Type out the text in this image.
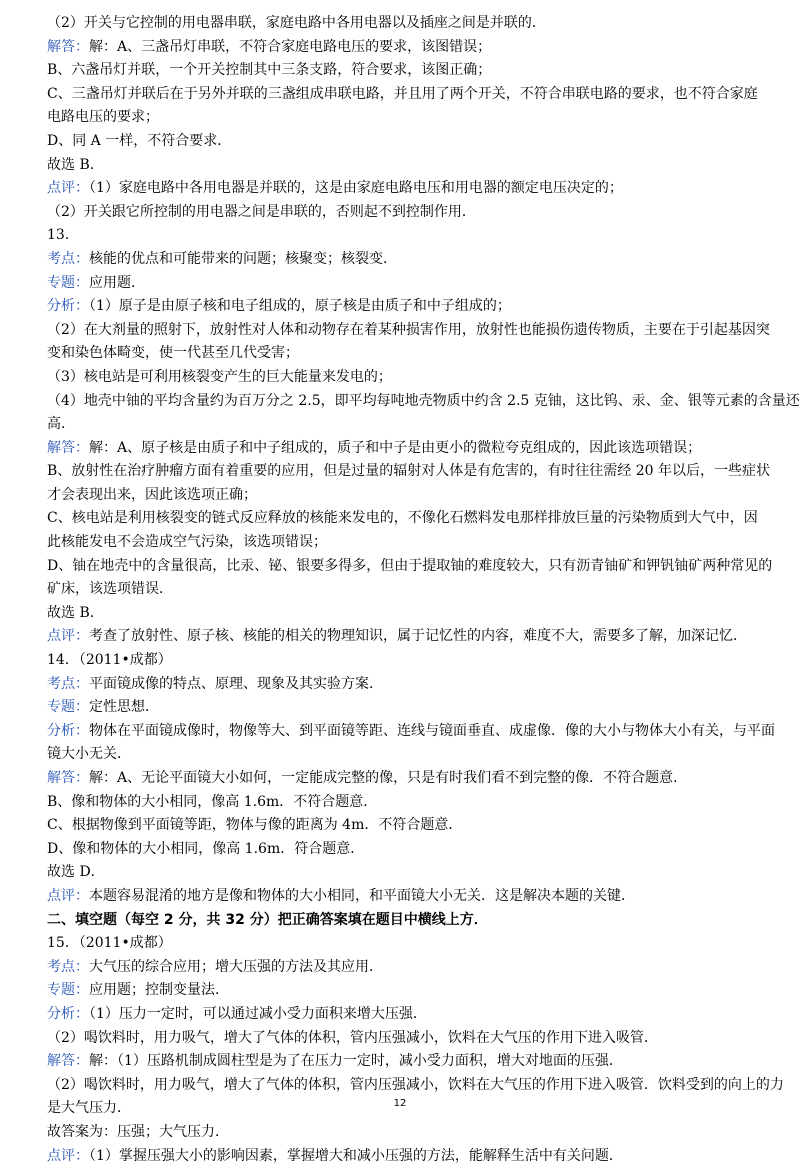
（2）开关与它控制的用电器串联，家庭电路中各用电器以及插座之间是并联的．
解答：解：A、三盏吊灯串联，不符合家庭电路电压的要求，该图错误；
B、六盏吊灯并联，一个开关控制其中三条支路，符合要求，该图正确；
C、三盏吊灯并联后在于另外并联的三盏组成串联电路，并且用了两个开关，不符合串联电路的要求，也不符合家庭
电路电压的要求；
D、同 A 一样，不符合要求．
故选 B．
点评：（1）家庭电路中各用电器是并联的，这是由家庭电路电压和用电器的额定电压决定的；
（2）开关跟它所控制的用电器之间是串联的，否则起不到控制作用．
13．
考点：核能的优点和可能带来的问题；核聚变；核裂变．
专题：应用题．
分析：（1）原子是由原子核和电子组成的，原子核是由质子和中子组成的；
（2）在大剂量的照射下，放射性对人体和动物存在着某种损害作用，放射性也能损伤遗传物质，主要在于引起基因突
变和染色体畸变，使一代甚至几代受害；
（3）核电站是可利用核裂变产生的巨大能量来发电的；
（4）地壳中铀的平均含量约为百万分之 2.5，即平均每吨地壳物质中约含 2.5 克铀，这比钨、汞、金、银等元素的含量还
高．
解答：解：A、原子核是由质子和中子组成的，质子和中子是由更小的微粒夸克组成的，因此该选项错误；
B、放射性在治疗肿瘤方面有着重要的应用，但是过量的辐射对人体是有危害的，有时往往需经 20 年以后，一些症状
才会表现出来，因此该选项正确；
C、核电站是利用核裂变的链式反应释放的核能来发电的，不像化石燃料发电那样排放巨量的污染物质到大气中，因
此核能发电不会造成空气污染，该选项错误；
D、铀在地壳中的含量很高，比汞、铋、银要多得多，但由于提取铀的难度较大，只有沥青铀矿和钾钒铀矿两种常见的
矿床，该选项错误．
故选 B．
点评：考查了放射性、原子核、核能的相关的物理知识，属于记忆性的内容，难度不大，需要多了解，加深记忆．
14．（2011•成都）
考点：平面镜成像的特点、原理、现象及其实验方案．
专题：定性思想．
分析：物体在平面镜成像时，物像等大、到平面镜等距、连线与镜面垂直、成虚像．像的大小与物体大小有关，与平面
镜大小无关．
解答：解：A、无论平面镜大小如何，一定能成完整的像，只是有时我们看不到完整的像．不符合题意．
B、像和物体的大小相同，像高 1.6m．不符合题意．
C、根据物像到平面镜等距，物体与像的距离为 4m．不符合题意．
D、像和物体的大小相同，像高 1.6m．符合题意．
故选 D．
点评：本题容易混淆的地方是像和物体的大小相同，和平面镜大小无关．这是解决本题的关键．
二、填空题（每空 2 分，共 32 分）把正确答案填在题目中横线上方．
15．（2011•成都）
考点：大气压的综合应用；增大压强的方法及其应用．
专题：应用题；控制变量法．
分析：（1）压力一定时，可以通过减小受力面积来增大压强．
（2）喝饮料时，用力吸气，增大了气体的体积，管内压强减小，饮料在大气压的作用下进入吸管．
解答：解：（1）压路机制成圆柱型是为了在压力一定时，减小受力面积，增大对地面的压强．
（2）喝饮料时，用力吸气，增大了气体的体积，管内压强减小，饮料在大气压的作用下进入吸管．饮料受到的向上的力
是大气压力．
故答案为：压强；大气压力．
点评：（1）掌握压强大小的影响因素，掌握增大和减小压强的方法，能解释生活中有关问题．
12
